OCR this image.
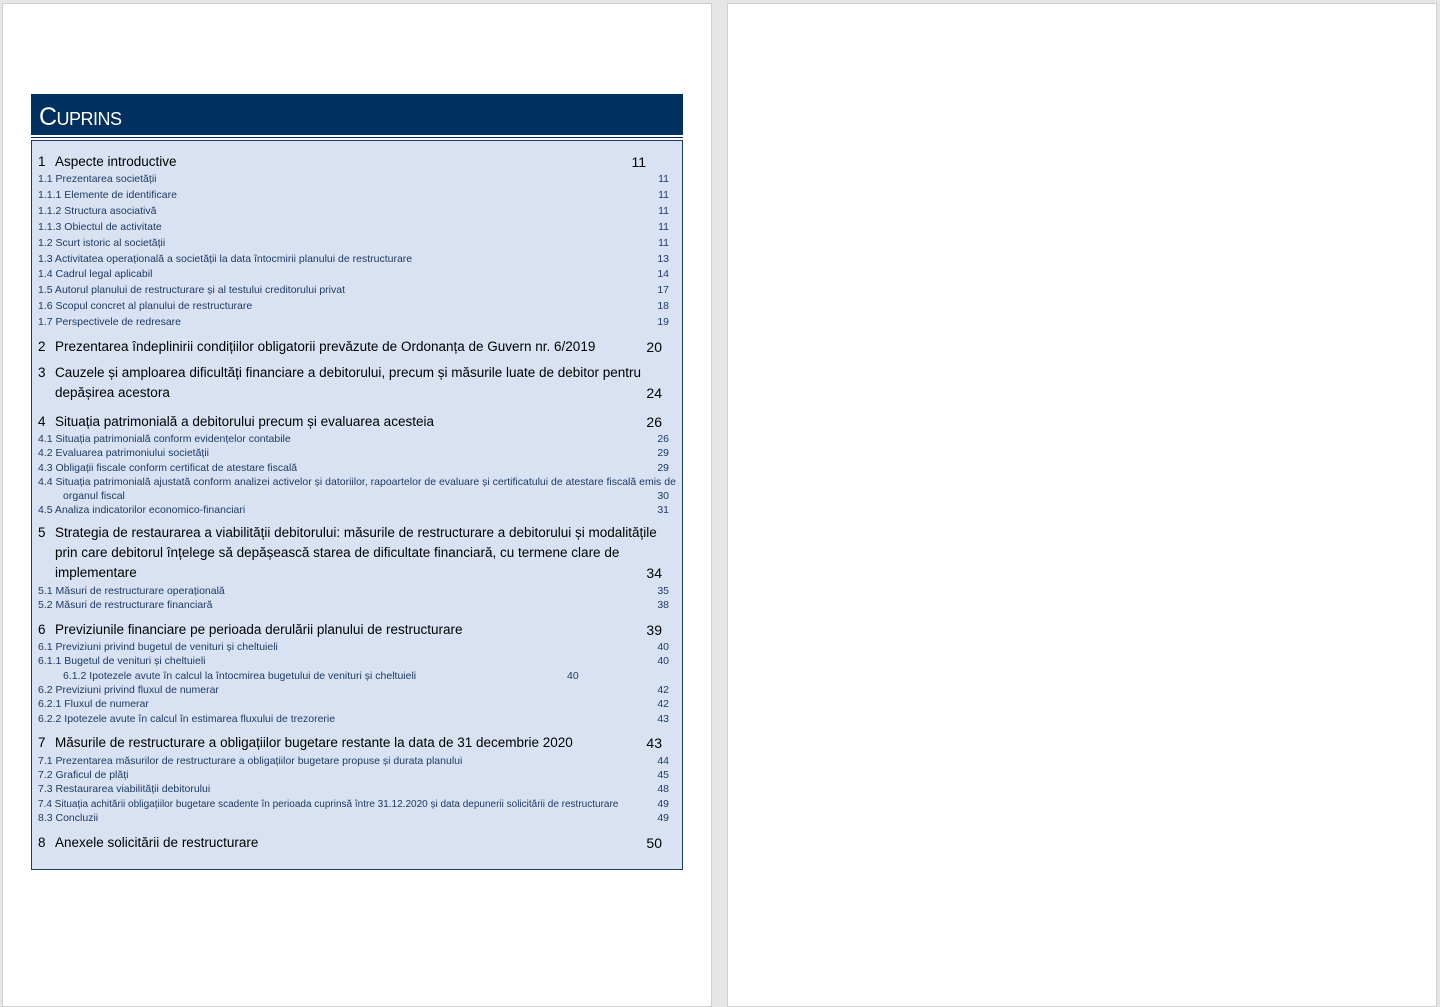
Cuprins
1 Aspecte introductive	11
1.1 Prezentarea societății	11
1.1.1 Elemente de identificare	11
1.1.2 Structura asociativă	11
1.1.3 Obiectul de activitate	11
1.2 Scurt istoric al societății	11
1.3 Activitatea operațională a societății la data întocmirii planului de restructurare	13
1.4 Cadrul legal aplicabil	14
1.5 Autorul planului de restructurare și al testului creditorului privat	17
1.6 Scopul concret al planului de restructurare	18
1.7 Perspectivele de redresare	19
2 Prezentarea îndeplinirii condițiilor obligatorii prevăzute de Ordonanța de Guvern nr. 6/2019	20
3 Cauzele și amploarea dificultăți financiare a debitorului, precum și măsurile luate de debitor pentru
depășirea acestora	24
4 Situația patrimonială a debitorului precum și evaluarea acesteia	26
4.1 Situația patrimonială conform evidențelor contabile	26
4.2 Evaluarea patrimoniului societății	29
4.3 Obligații fiscale conform certificat de atestare fiscală	29
4.4 Situația patrimonială ajustată conform analizei activelor și datoriilor, rapoartelor de evaluare și certificatului de atestare fiscală emis de
organul fiscal	30
4.5 Analiza indicatorilor economico-financiari	31
5 Strategia de restaurarea a viabilității debitorului: măsurile de restructurare a debitorului și modalitățile
prin care debitorul înțelege să depășească starea de dificultate financiară, cu termene clare de
implementare	34
5.1 Măsuri de restructurare operațională	35
5.2 Măsuri de restructurare financiară	38
6 Previziunile financiare pe perioada derulării planului de restructurare	39
6.1 Previziuni privind bugetul de venituri și cheltuieli	40
6.1.1 Bugetul de venituri și cheltuieli	40
6.1.2 Ipotezele avute în calcul la întocmirea bugetului de venituri și cheltuieli	40
6.2 Previziuni privind fluxul de numerar	42
6.2.1 Fluxul de numerar	42
6.2.2 Ipotezele avute în calcul în estimarea fluxului de trezorerie	43
7 Măsurile de restructurare a obligațiilor bugetare restante la data de 31 decembrie 2020	43
7.1 Prezentarea măsurilor de restructurare a obligațiilor bugetare propuse și durata planului	44
7.2 Graficul de plăți	45
7.3 Restaurarea viabilității debitorului	48
7.4 Situația achitării obligațiilor bugetare scadente în perioada cuprinsă între 31.12.2020 și data depunerii solicitării de restructurare	49
8.3 Concluzii	49
8 Anexele solicitării de restructurare	50
